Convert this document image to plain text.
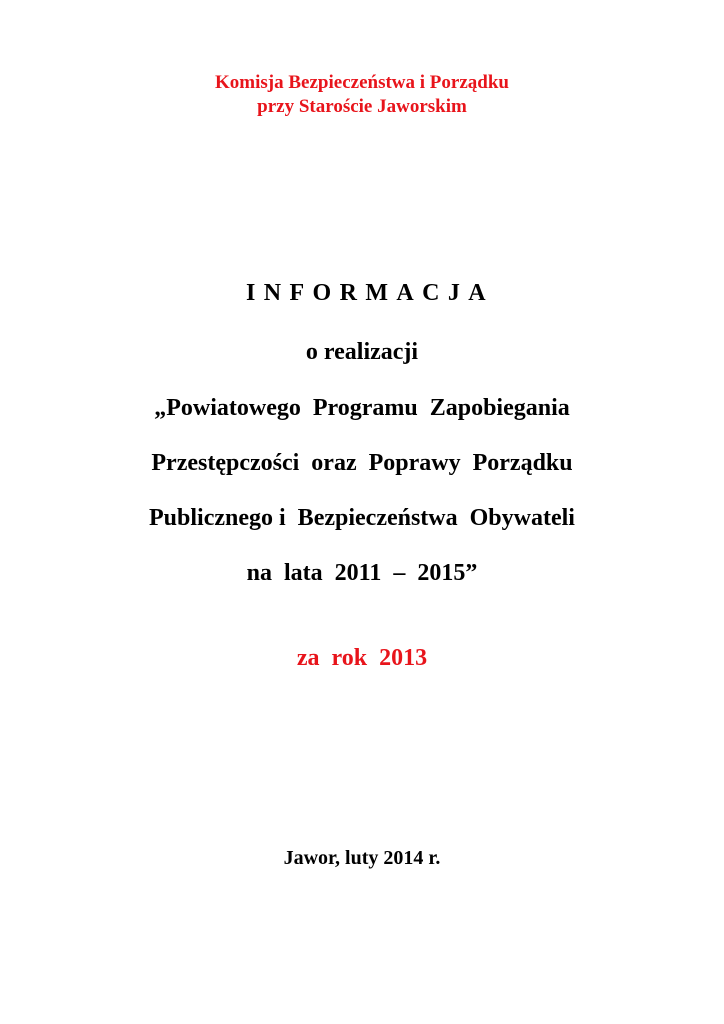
Komisja Bezpieczeństwa i Porządku
przy Staroście Jaworskim
INFORMACJA
o realizacji
„Powiatowego  Programu  Zapobiegania
Przestępczości  oraz  Poprawy  Porządku
Publicznego i  Bezpieczeństwa  Obywateli
na  lata  2011  –  2015”
za  rok  2013
Jawor, luty 2014 r.
